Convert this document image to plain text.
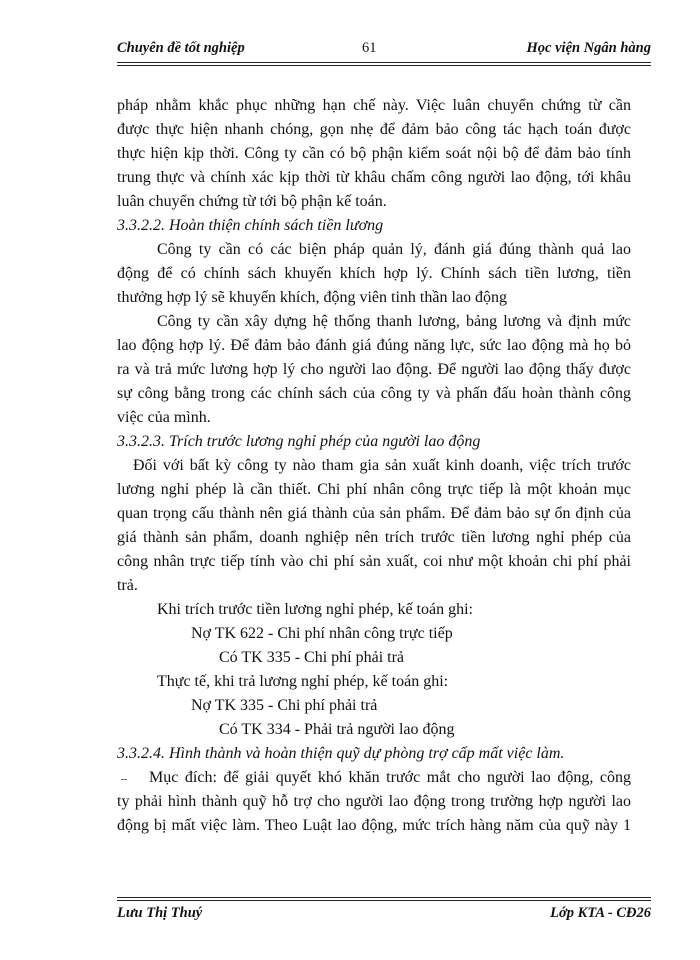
Chuyên đề tốt nghiệp	61	Học viện Ngân hàng
pháp nhằm khắc phục những hạn chế này. Việc luân chuyển chứng từ cần
được thực hiện nhanh chóng, gọn nhẹ để đảm bảo công tác hạch toán được
thực hiện kịp thời. Công ty cần có bộ phận kiểm soát nội bộ để đảm bảo tính
trung thực và chính xác kịp thời từ khâu chấm công người lao động, tới khâu
luân chuyển chứng từ tới bộ phận kế toán.
3.3.2.2. Hoàn thiện chính sách tiền lương
Công ty cần có các biện pháp quản lý, đánh giá đúng thành quả lao
động để có chính sách khuyến khích hợp lý. Chính sách tiền lương, tiền
thưởng hợp lý sẽ khuyến khích, động viên tinh thần lao động
Công ty cần xây dựng hệ thống thanh lương, bảng lương và định mức
lao động hợp lý. Để đảm bảo đánh giá đúng năng lực, sức lao động mà họ bỏ
ra và trả mức lương hợp lý cho người lao động. Để người lao động thấy được
sự công bằng trong các chính sách của công ty và phấn đấu hoàn thành công
việc của mình.
3.3.2.3. Trích trước lương nghỉ phép của người lao động
Đối với bất kỳ công ty nào tham gia sản xuất kinh doanh, việc trích trước
lương nghỉ phép là cần thiết. Chi phí nhân công trực tiếp là một khoản mục
quan trọng cấu thành nên giá thành của sản phẩm. Để đảm bảo sự ổn định của
giá thành sản phẩm, doanh nghiệp nên trích trước tiền lương nghỉ phép của
công nhân trực tiếp tính vào chi phí sản xuất, coi như một khoản chi phí phải
trả.
Khi trích trước tiền lương nghỉ phép, kế toán ghi:
Nợ TK 622 - Chi phí nhân công trực tiếp
Có TK 335 - Chi phí phải trả
Thực tế, khi trả lương nghỉ phép, kế toán ghi:
Nợ TK 335 - Chi phí phải trả
Có TK 334 - Phải trả người lao động
3.3.2.4. Hình thành và hoàn thiện quỹ dự phòng trợ cấp mất việc làm.
– Mục đích: để giải quyết khó khăn trước mắt cho người lao động, công
ty phải hình thành quỹ hỗ trợ cho người lao động trong trường hợp người lao
động bị mất việc làm. Theo Luật lao động, mức trích hàng năm của quỹ này 1
Lưu Thị Thuý	Lớp KTA - CĐ26
